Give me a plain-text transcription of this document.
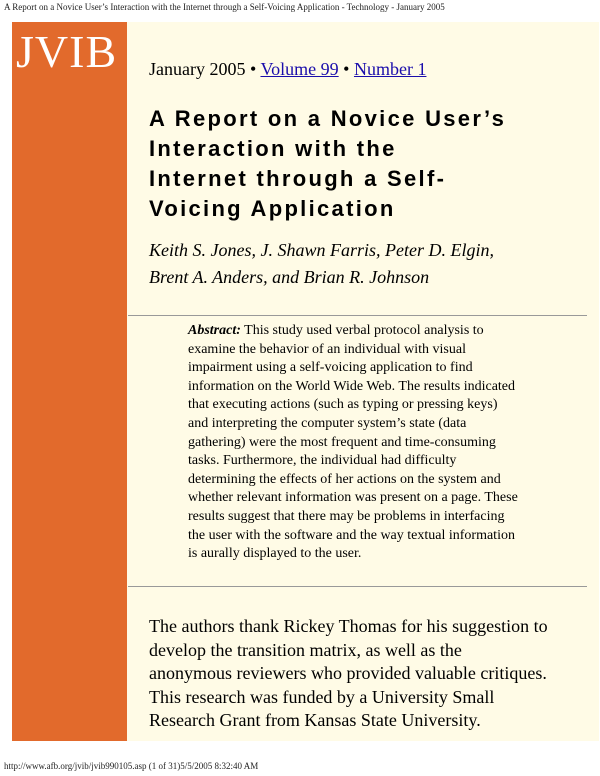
A Report on a Novice User’s Interaction with the Internet through a Self-Voicing Application - Technology - January 2005
JVIB January 2005 • Volume 99 • Number 1
A Report on a Novice User’s
Interaction with the
Internet through a Self-
Voicing Application
Keith S. Jones, J. Shawn Farris, Peter D. Elgin,
Brent A. Anders, and Brian R. Johnson
Abstract: This study used verbal protocol analysis to
examine the behavior of an individual with visual
impairment using a self-voicing application to find
information on the World Wide Web. The results indicated
that executing actions (such as typing or pressing keys)
and interpreting the computer system’s state (data
gathering) were the most frequent and time-consuming
tasks. Furthermore, the individual had difficulty
determining the effects of her actions on the system and
whether relevant information was present on a page. These
results suggest that there may be problems in interfacing
the user with the software and the way textual information
is aurally displayed to the user.
The authors thank Rickey Thomas for his suggestion to
develop the transition matrix, as well as the
anonymous reviewers who provided valuable critiques.
This research was funded by a University Small
Research Grant from Kansas State University.
http://www.afb.org/jvib/jvib990105.asp (1 of 31)5/5/2005 8:32:40 AM
